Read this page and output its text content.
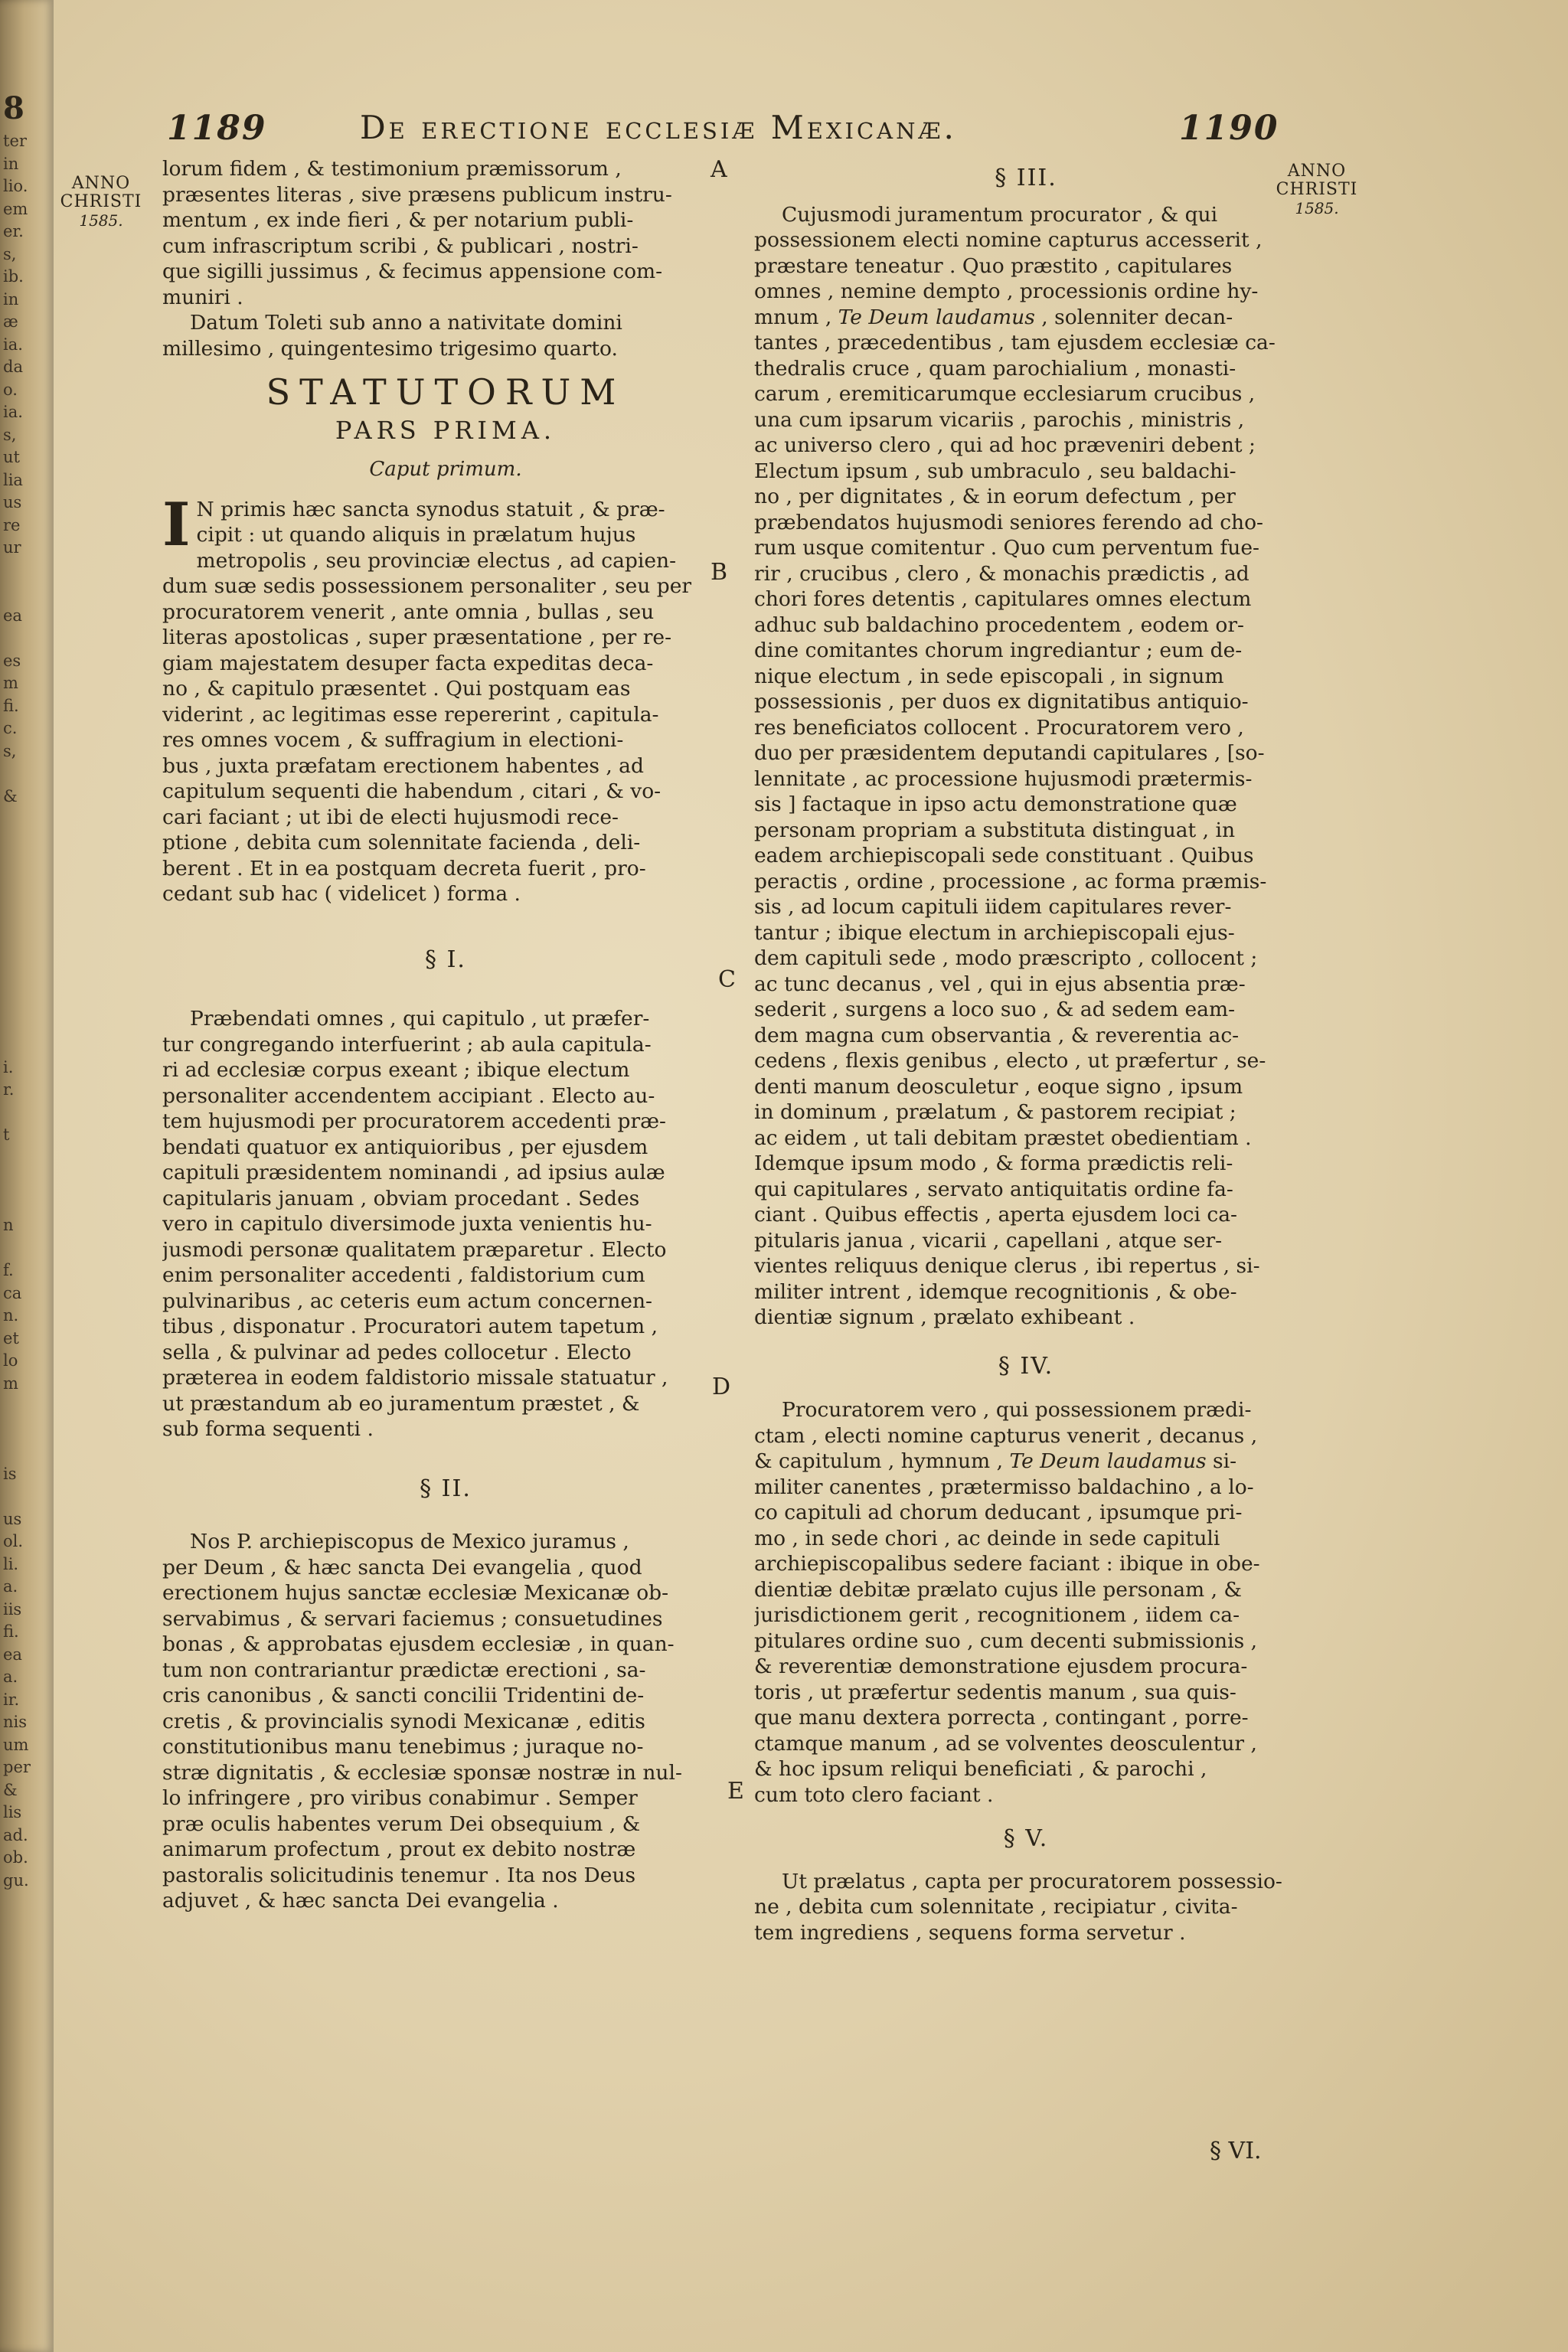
8
ter
in
lio.
em
er.
s,
ib.
in
æ
ia.
da
o.
ia.
s,
ut
lia
us
re
ur
ea
es
m
fi.
c.
s,
&
i.
r.
t
n
f.
ca
n.
et
lo
m
is
us
ol.
li.
a.
iis
fi.
ea
a.
ir.
nis
um
per
&
lis
ad.
ob.
gu.
1189	De erectione ecclesiæ Mexicanæ.	1190
ANNO
CHRISTI
1585.
ANNO
CHRISTI
1585.
A
B
C
D
E
lorum fidem , & testimonium præmissorum ,
præsentes literas , sive præsens publicum instru-
mentum , ex inde fieri , & per notarium publi-
cum infrascriptum scribi , & publicari , nostri-
que sigilli jussimus , & fecimus appensione com-
muniri .
Datum Toleti sub anno a nativitate domini
millesimo , quingentesimo trigesimo quarto.
STATUTORUM
PARS PRIMA.
Caput primum.
I N primis hæc sancta synodus statuit , & præ-
cipit : ut quando aliquis in prælatum hujus
metropolis , seu provinciæ electus , ad capien-
dum suæ sedis possessionem personaliter , seu per
procuratorem venerit , ante omnia , bullas , seu
literas apostolicas , super præsentatione , per re-
giam majestatem desuper facta expeditas deca-
no , & capitulo præsentet . Qui postquam eas
viderint , ac legitimas esse repererint , capitula-
res omnes vocem , & suffragium in electioni-
bus , juxta præfatam erectionem habentes , ad
capitulum sequenti die habendum , citari , & vo-
cari faciant ; ut ibi de electi hujusmodi rece-
ptione , debita cum solennitate facienda , deli-
berent . Et in ea postquam decreta fuerit , pro-
cedant sub hac ( videlicet ) forma .
§ I.
Præbendati omnes , qui capitulo , ut præfer-
tur congregando interfuerint ; ab aula capitula-
ri ad ecclesiæ corpus exeant ; ibique electum
personaliter accendentem accipiant . Electo au-
tem hujusmodi per procuratorem accedenti præ-
bendati quatuor ex antiquioribus , per ejusdem
capituli præsidentem nominandi , ad ipsius aulæ
capitularis januam , obviam procedant . Sedes
vero in capitulo diversimode juxta venientis hu-
jusmodi personæ qualitatem præparetur . Electo
enim personaliter accedenti , faldistorium cum
pulvinaribus , ac ceteris eum actum concernen-
tibus , disponatur . Procuratori autem tapetum ,
sella , & pulvinar ad pedes collocetur . Electo
præterea in eodem faldistorio missale statuatur ,
ut præstandum ab eo juramentum præstet , &
sub forma sequenti .
§ II.
Nos P. archiepiscopus de Mexico juramus ,
per Deum , & hæc sancta Dei evangelia , quod
erectionem hujus sanctæ ecclesiæ Mexicanæ ob-
servabimus , & servari faciemus ; consuetudines
bonas , & approbatas ejusdem ecclesiæ , in quan-
tum non contrariantur prædictæ erectioni , sa-
cris canonibus , & sancti concilii Tridentini de-
cretis , & provincialis synodi Mexicanæ , editis
constitutionibus manu tenebimus ; juraque no-
stræ dignitatis , & ecclesiæ sponsæ nostræ in nul-
lo infringere , pro viribus conabimur . Semper
præ oculis habentes verum Dei obsequium , &
animarum profectum , prout ex debito nostræ
pastoralis solicitudinis tenemur . Ita nos Deus
adjuvet , & hæc sancta Dei evangelia .
§ III.
Cujusmodi juramentum procurator , & qui
possessionem electi nomine capturus accesserit ,
præstare teneatur . Quo præstito , capitulares
omnes , nemine dempto , processionis ordine hy-
mnum , Te Deum laudamus , solenniter decan-
tantes , præcedentibus , tam ejusdem ecclesiæ ca-
thedralis cruce , quam parochialium , monasti-
carum , eremiticarumque ecclesiarum crucibus ,
una cum ipsarum vicariis , parochis , ministris ,
ac universo clero , qui ad hoc præveniri debent ;
Electum ipsum , sub umbraculo , seu baldachi-
no , per dignitates , & in eorum defectum , per
præbendatos hujusmodi seniores ferendo ad cho-
rum usque comitentur . Quo cum perventum fue-
rir , crucibus , clero , & monachis prædictis , ad
chori fores detentis , capitulares omnes electum
adhuc sub baldachino procedentem , eodem or-
dine comitantes chorum ingrediantur ; eum de-
nique electum , in sede episcopali , in signum
possessionis , per duos ex dignitatibus antiquio-
res beneficiatos collocent . Procuratorem vero ,
duo per præsidentem deputandi capitulares , [so-
lennitate , ac processione hujusmodi prætermis-
sis ] factaque in ipso actu demonstratione quæ
personam propriam a substituta distinguat , in
eadem archiepiscopali sede constituant . Quibus
peractis , ordine , processione , ac forma præmis-
sis , ad locum capituli iidem capitulares rever-
tantur ; ibique electum in archiepiscopali ejus-
dem capituli sede , modo præscripto , collocent ;
ac tunc decanus , vel , qui in ejus absentia præ-
sederit , surgens a loco suo , & ad sedem eam-
dem magna cum observantia , & reverentia ac-
cedens , flexis genibus , electo , ut præfertur , se-
denti manum deosculetur , eoque signo , ipsum
in dominum , prælatum , & pastorem recipiat ;
ac eidem , ut tali debitam præstet obedientiam .
Idemque ipsum modo , & forma prædictis reli-
qui capitulares , servato antiquitatis ordine fa-
ciant . Quibus effectis , aperta ejusdem loci ca-
pitularis janua , vicarii , capellani , atque ser-
vientes reliquus denique clerus , ibi repertus , si-
militer intrent , idemque recognitionis , & obe-
dientiæ signum , prælato exhibeant .
§ IV.
Procuratorem vero , qui possessionem prædi-
ctam , electi nomine capturus venerit , decanus ,
& capitulum , hymnum , Te Deum laudamus si-
militer canentes , prætermisso baldachino , a lo-
co capituli ad chorum deducant , ipsumque pri-
mo , in sede chori , ac deinde in sede capituli
archiepiscopalibus sedere faciant : ibique in obe-
dientiæ debitæ prælato cujus ille personam , &
jurisdictionem gerit , recognitionem , iidem ca-
pitulares ordine suo , cum decenti submissionis ,
& reverentiæ demonstratione ejusdem procura-
toris , ut præfertur sedentis manum , sua quis-
que manu dextera porrecta , contingant , porre-
ctamque manum , ad se volventes deosculentur ,
& hoc ipsum reliqui beneficiati , & parochi ,
cum toto clero faciant .
§ V.
Ut prælatus , capta per procuratorem possessio-
ne , debita cum solennitate , recipiatur , civita-
tem ingrediens , sequens forma servetur .
§ VI.
